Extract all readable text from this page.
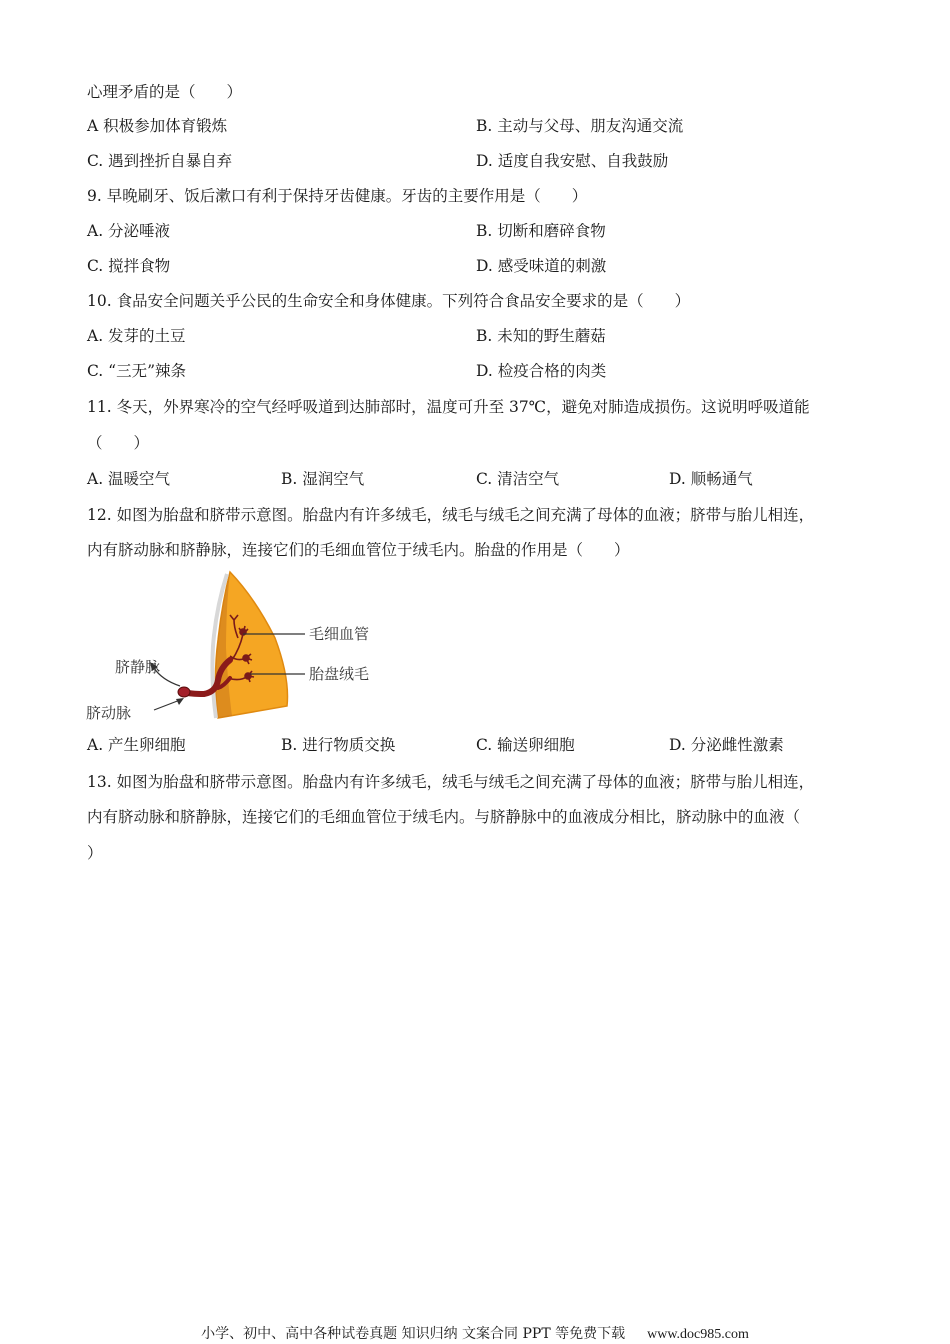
心理矛盾的是（　　）
A 积极参加体育锻炼	B. 主动与父母、朋友沟通交流
C. 遇到挫折自暴自弃	D. 适度自我安慰、自我鼓励
9. 早晚刷牙、饭后漱口有利于保持牙齿健康。牙齿的主要作用是（　　）
A. 分泌唾液	B. 切断和磨碎食物
C. 搅拌食物	D. 感受味道的刺激
10. 食品安全问题关乎公民的生命安全和身体健康。下列符合食品安全要求的是（　　）
A. 发芽的土豆	B. 未知的野生蘑菇
C. “三无”辣条	D. 检疫合格的肉类
11. 冬天，外界寒冷的空气经呼吸道到达肺部时，温度可升至 37℃，避免对肺造成损伤。这说明呼吸道能
（　　）
A. 温暖空气	B. 湿润空气	C. 清洁空气	D. 顺畅通气
12. 如图为胎盘和脐带示意图。胎盘内有许多绒毛，绒毛与绒毛之间充满了母体的血液；脐带与胎儿相连，
内有脐动脉和脐静脉，连接它们的毛细血管位于绒毛内。胎盘的作用是（　　）
毛细血管
胎盘绒毛
脐静脉
脐动脉
A. 产生卵细胞	B. 进行物质交换	C. 输送卵细胞	D. 分泌雌性激素
13. 如图为胎盘和脐带示意图。胎盘内有许多绒毛，绒毛与绒毛之间充满了母体的血液；脐带与胎儿相连，
内有脐动脉和脐静脉，连接它们的毛细血管位于绒毛内。与脐静脉中的血液成分相比，脐动脉中的血液（
）
小学、初中、高中各种试卷真题 知识归纳 文案合同 PPT 等免费下载 www.doc985.com
